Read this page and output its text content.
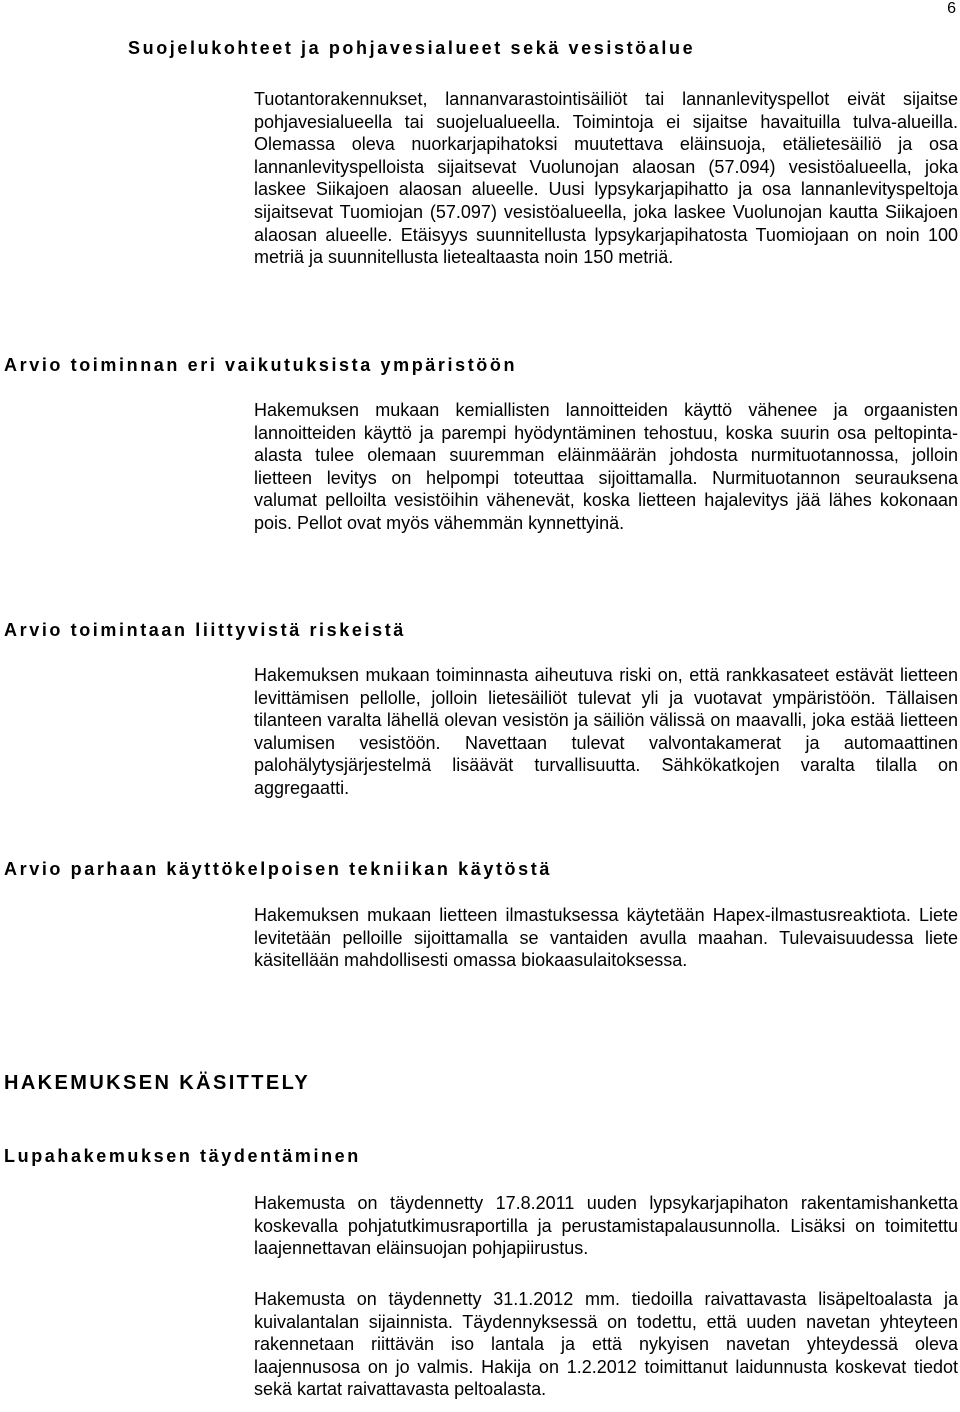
6
Suojelukohteet ja pohjavesialueet sekä vesistöalue

Tuotantorakennukset, lannanvarastointisäiliöt tai lannanlevityspellot eivät sijaitse pohjavesialueella tai suojelualueella. Toimintoja ei sijaitse havaituilla tulva-alueilla. Olemassa oleva nuorkarjapihatoksi muutettava eläinsuoja, etälietesäiliö ja osa lannanlevityspelloista sijaitsevat Vuolunojan alaosan (57.094) vesistöalueella, joka laskee Siikajoen alaosan alueelle. Uusi lypsykarjapihatto ja osa lannanlevityspeltoja sijaitsevat Tuomiojan (57.097) vesistöalueella, joka laskee Vuolunojan kautta Siikajoen alaosan alueelle. Etäisyys suunnitellusta lypsykarjapihatosta Tuomiojaan on noin 100 metriä ja suunnitellusta lietealtaasta noin 150 metriä.

Arvio toiminnan eri vaikutuksista ympäristöön

Hakemuksen mukaan kemiallisten lannoitteiden käyttö vähenee ja orgaanisten lannoitteiden käyttö ja parempi hyödyntäminen tehostuu, koska suurin osa peltopinta-alasta tulee olemaan suuremman eläinmäärän johdosta nurmituotannossa, jolloin lietteen levitys on helpompi toteuttaa sijoittamalla. Nurmituotannon seurauksena valumat pelloilta vesistöihin vähenevät, koska lietteen hajalevitys jää lähes kokonaan pois. Pellot ovat myös vähemmän kynnettyinä.

Arvio toimintaan liittyvistä riskeistä

Hakemuksen mukaan toiminnasta aiheutuva riski on, että rankkasateet estävät lietteen levittämisen pellolle, jolloin lietesäiliöt tulevat yli ja vuotavat ympäristöön. Tällaisen tilanteen varalta lähellä olevan vesistön ja säiliön välissä on maavalli, joka estää lietteen valumisen vesistöön. Navettaan tulevat valvontakamerat ja automaattinen palohälytysjärjestelmä lisäävät turvallisuutta. Sähkökatkojen varalta tilalla on aggregaatti.

Arvio parhaan käyttökelpoisen tekniikan käytöstä

Hakemuksen mukaan lietteen ilmastuksessa käytetään Hapex-ilmastusreaktiota. Liete levitetään pelloille sijoittamalla se vantaiden avulla maahan. Tulevaisuudessa liete käsitellään mahdollisesti omassa biokaasulaitoksessa.

HAKEMUKSEN KÄSITTELY
Lupahakemuksen täydentäminen

Hakemusta on täydennetty 17.8.2011 uuden lypsykarjapihaton rakentamishanketta koskevalla pohjatutkimusraportilla ja perustamistapalausunnolla. Lisäksi on toimitettu laajennettavan eläinsuojan pohjapiirustus.

Hakemusta on täydennetty 31.1.2012 mm. tiedoilla raivattavasta lisäpeltoalasta ja kuivalantalan sijainnista. Täydennyksessä on todettu, että uuden navetan yhteyteen rakennetaan riittävän iso lantala ja että nykyisen navetan yhteydessä oleva laajennusosa on jo valmis. Hakija on 1.2.2012 toimittanut laidunnusta koskevat tiedot sekä kartat raivattavasta peltoalasta.
